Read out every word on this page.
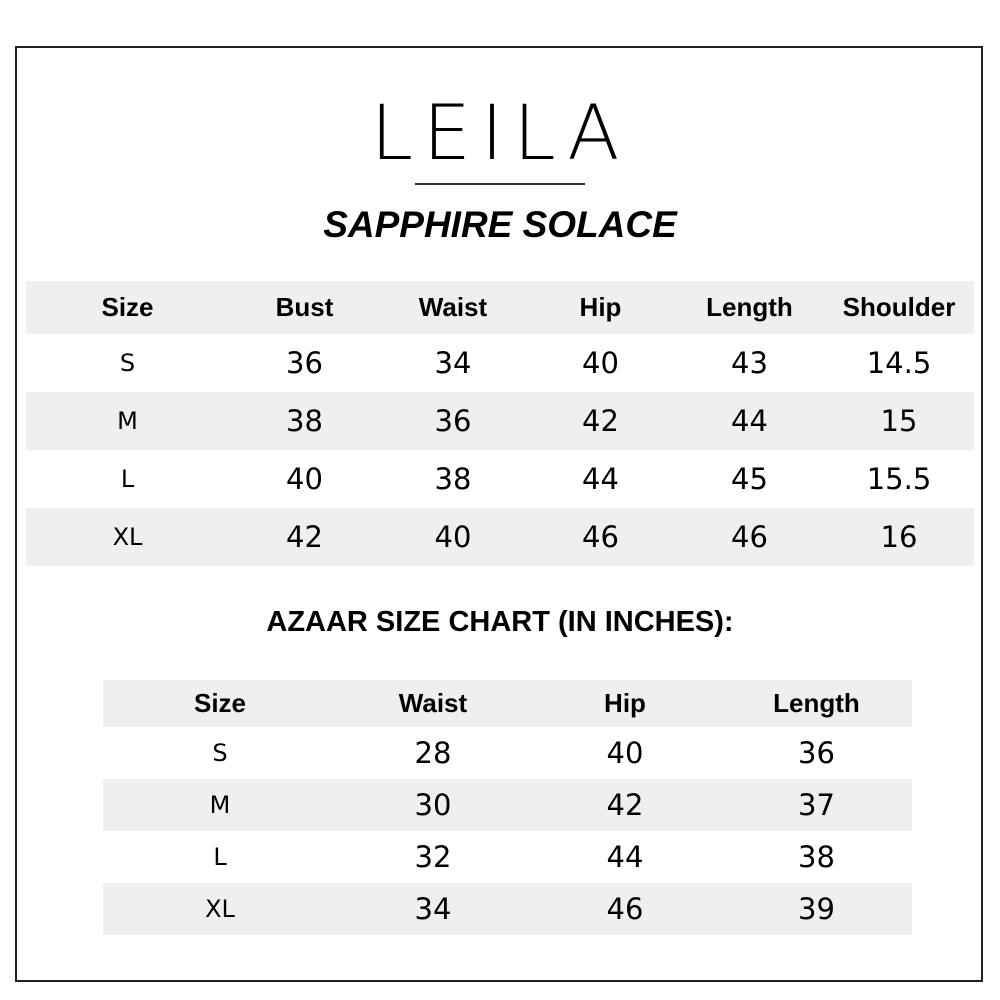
LEILA
SAPPHIRE SOLACE
Size	Bust	Waist	Hip	Length	Shoulder
S	36	34	40	43	14.5
M	38	36	42	44	15
L	40	38	44	45	15.5
XL	42	40	46	46	16
AZAAR SIZE CHART (IN INCHES):
Size	Waist	Hip	Length
S	28	40	36
M	30	42	37
L	32	44	38
XL	34	46	39
